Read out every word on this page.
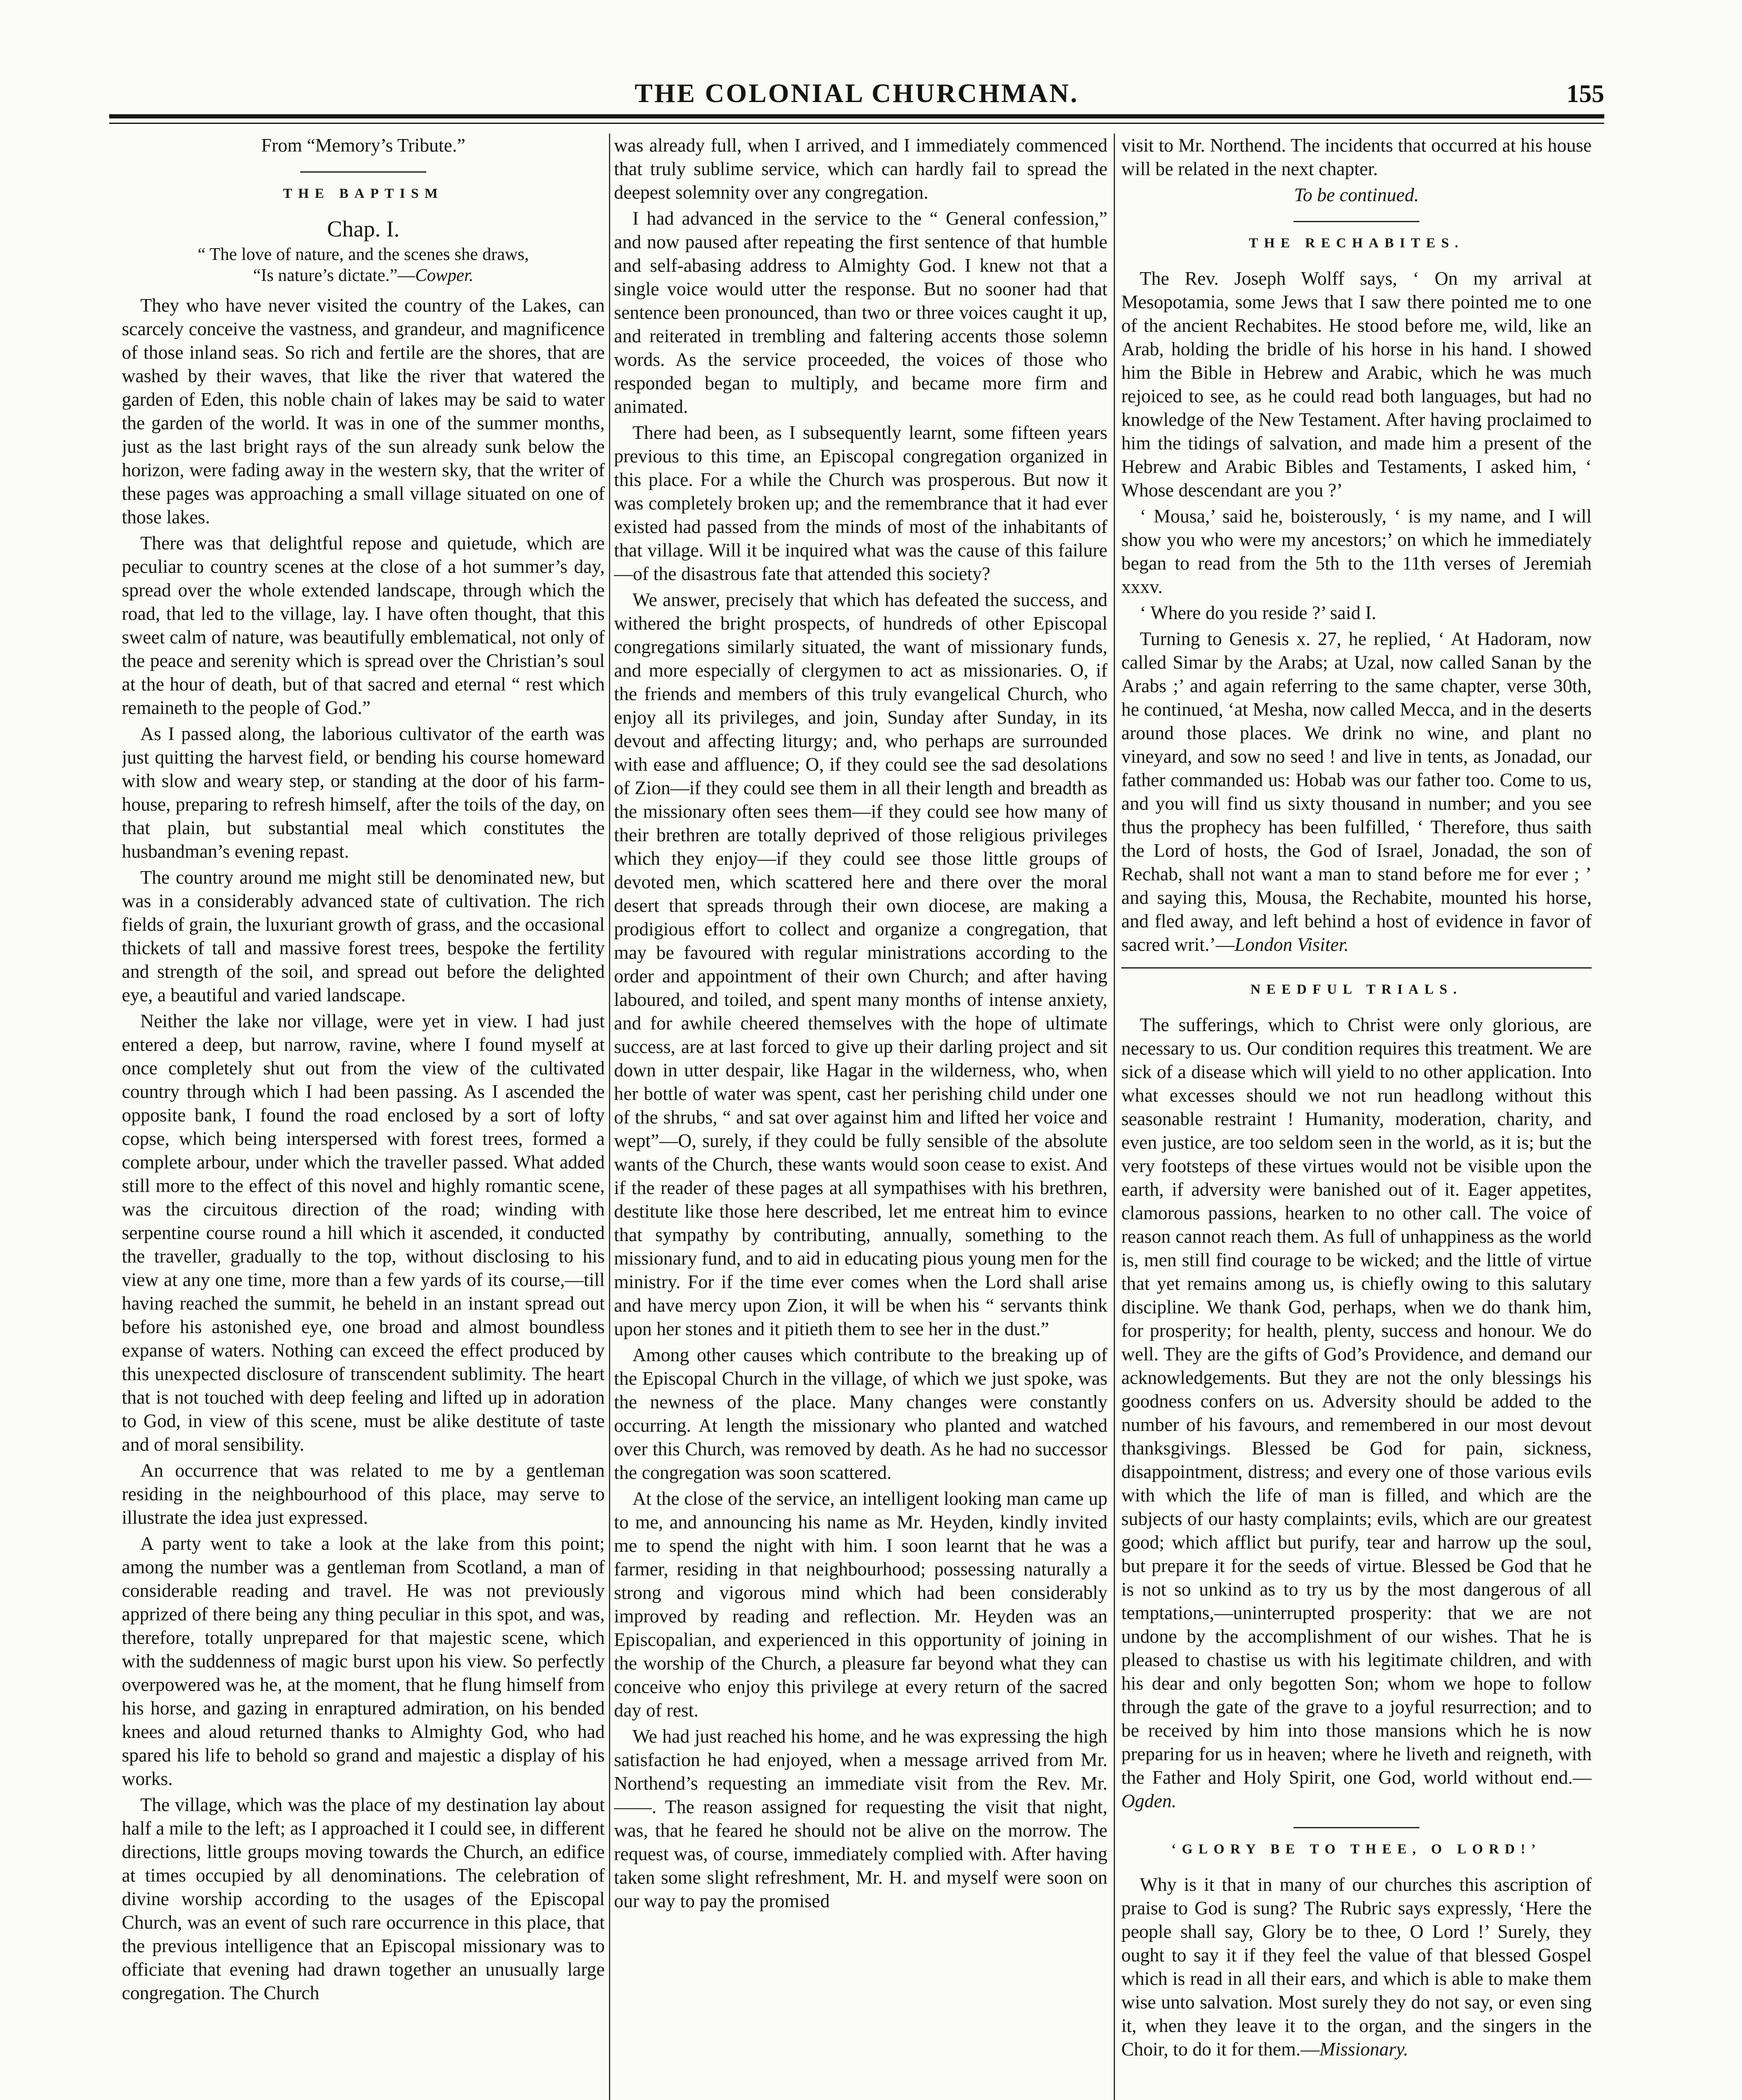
THE COLONIAL CHURCHMAN.	155

From “Memory’s Tribute.”

THE BAPTISM
Chap. I.
“ The love of nature, and the scenes she draws,
“Is nature’s dictate.”—Cowper.

They who have never visited the country of the Lakes, can scarcely conceive the vastness, and grandeur, and magnificence of those inland seas. So rich and fertile are the shores, that are washed by their waves, that like the river that watered the garden of Eden, this noble chain of lakes may be said to water the garden of the world. It was in one of the summer months, just as the last bright rays of the sun already sunk below the horizon, were fading away in the western sky, that the writer of these pages was approaching a small village situated on one of those lakes.

There was that delightful repose and quietude, which are peculiar to country scenes at the close of a hot summer’s day, spread over the whole extended landscape, through which the road, that led to the village, lay. I have often thought, that this sweet calm of nature, was beautifully emblematical, not only of the peace and serenity which is spread over the Christian’s soul at the hour of death, but of that sacred and eternal “ rest which remaineth to the people of God.”

As I passed along, the laborious cultivator of the earth was just quitting the harvest field, or bending his course homeward with slow and weary step, or standing at the door of his farm-house, preparing to refresh himself, after the toils of the day, on that plain, but substantial meal which constitutes the husbandman’s evening repast.

The country around me might still be denominated new, but was in a considerably advanced state of cultivation. The rich fields of grain, the luxuriant growth of grass, and the occasional thickets of tall and massive forest trees, bespoke the fertility and strength of the soil, and spread out before the delighted eye, a beautiful and varied landscape.

Neither the lake nor village, were yet in view. I had just entered a deep, but narrow, ravine, where I found myself at once completely shut out from the view of the cultivated country through which I had been passing. As I ascended the opposite bank, I found the road enclosed by a sort of lofty copse, which being interspersed with forest trees, formed a complete arbour, under which the traveller passed. What added still more to the effect of this novel and highly romantic scene, was the circuitous direction of the road; winding with serpentine course round a hill which it ascended, it conducted the traveller, gradually to the top, without disclosing to his view at any one time, more than a few yards of its course,—till having reached the summit, he beheld in an instant spread out before his astonished eye, one broad and almost boundless expanse of waters. Nothing can exceed the effect produced by this unexpected disclosure of transcendent sublimity. The heart that is not touched with deep feeling and lifted up in adoration to God, in view of this scene, must be alike destitute of taste and of moral sensibility.

An occurrence that was related to me by a gentleman residing in the neighbourhood of this place, may serve to illustrate the idea just expressed.

A party went to take a look at the lake from this point; among the number was a gentleman from Scotland, a man of considerable reading and travel. He was not previously apprized of there being any thing peculiar in this spot, and was, therefore, totally unprepared for that majestic scene, which with the suddenness of magic burst upon his view. So perfectly overpowered was he, at the moment, that he flung himself from his horse, and gazing in enraptured admiration, on his bended knees and aloud returned thanks to Almighty God, who had spared his life to behold so grand and majestic a display of his works.

The village, which was the place of my destination lay about half a mile to the left; as I approached it I could see, in different directions, little groups moving towards the Church, an edifice at times occupied by all denominations. The celebration of divine worship according to the usages of the Episcopal Church, was an event of such rare occurrence in this place, that the previous intelligence that an Episcopal missionary was to officiate that evening had drawn together an unusually large congregation. The Church

was already full, when I arrived, and I immediately commenced that truly sublime service, which can hardly fail to spread the deepest solemnity over any congregation.

I had advanced in the service to the “ General confession,” and now paused after repeating the first sentence of that humble and self-abasing address to Almighty God. I knew not that a single voice would utter the response. But no sooner had that sentence been pronounced, than two or three voices caught it up, and reiterated in trembling and faltering accents those solemn words. As the service proceeded, the voices of those who responded began to multiply, and became more firm and animated.

There had been, as I subsequently learnt, some fifteen years previous to this time, an Episcopal congregation organized in this place. For a while the Church was prosperous. But now it was completely broken up; and the remembrance that it had ever existed had passed from the minds of most of the inhabitants of that village. Will it be inquired what was the cause of this failure—of the disastrous fate that attended this society?

We answer, precisely that which has defeated the success, and withered the bright prospects, of hundreds of other Episcopal congregations similarly situated, the want of missionary funds, and more especially of clergymen to act as missionaries. O, if the friends and members of this truly evangelical Church, who enjoy all its privileges, and join, Sunday after Sunday, in its devout and affecting liturgy; and, who perhaps are surrounded with ease and affluence; O, if they could see the sad desolations of Zion—if they could see them in all their length and breadth as the missionary often sees them—if they could see how many of their brethren are totally deprived of those religious privileges which they enjoy—if they could see those little groups of devoted men, which scattered here and there over the moral desert that spreads through their own diocese, are making a prodigious effort to collect and organize a congregation, that may be favoured with regular ministrations according to the order and appointment of their own Church; and after having laboured, and toiled, and spent many months of intense anxiety, and for awhile cheered themselves with the hope of ultimate success, are at last forced to give up their darling project and sit down in utter despair, like Hagar in the wilderness, who, when her bottle of water was spent, cast her perishing child under one of the shrubs, “ and sat over against him and lifted her voice and wept”—O, surely, if they could be fully sensible of the absolute wants of the Church, these wants would soon cease to exist. And if the reader of these pages at all sympathises with his brethren, destitute like those here described, let me entreat him to evince that sympathy by contributing, annually, something to the missionary fund, and to aid in educating pious young men for the ministry. For if the time ever comes when the Lord shall arise and have mercy upon Zion, it will be when his “ servants think upon her stones and it pitieth them to see her in the dust.”

Among other causes which contribute to the breaking up of the Episcopal Church in the village, of which we just spoke, was the newness of the place. Many changes were constantly occurring. At length the missionary who planted and watched over this Church, was removed by death. As he had no successor the congregation was soon scattered.

At the close of the service, an intelligent looking man came up to me, and announcing his name as Mr. Heyden, kindly invited me to spend the night with him. I soon learnt that he was a farmer, residing in that neighbourhood; possessing naturally a strong and vigorous mind which had been considerably improved by reading and reflection. Mr. Heyden was an Episcopalian, and experienced in this opportunity of joining in the worship of the Church, a pleasure far beyond what they can conceive who enjoy this privilege at every return of the sacred day of rest.

We had just reached his home, and he was expressing the high satisfaction he had enjoyed, when a message arrived from Mr. Northend’s requesting an immediate visit from the Rev. Mr.——. The reason assigned for requesting the visit that night, was, that he feared he should not be alive on the morrow. The request was, of course, immediately complied with. After having taken some slight refreshment, Mr. H. and myself were soon on our way to pay the promised

visit to Mr. Northend. The incidents that occurred at his house will be related in the next chapter.

To be continued.

THE RECHABITES.

The Rev. Joseph Wolff says, ‘ On my arrival at Mesopotamia, some Jews that I saw there pointed me to one of the ancient Rechabites. He stood before me, wild, like an Arab, holding the bridle of his horse in his hand. I showed him the Bible in Hebrew and Arabic, which he was much rejoiced to see, as he could read both languages, but had no knowledge of the New Testament. After having proclaimed to him the tidings of salvation, and made him a present of the Hebrew and Arabic Bibles and Testaments, I asked him, ‘ Whose descendant are you ?’

‘ Mousa,’ said he, boisterously, ‘ is my name, and I will show you who were my ancestors;’ on which he immediately began to read from the 5th to the 11th verses of Jeremiah xxxv.

‘ Where do you reside ?’ said I.

Turning to Genesis x. 27, he replied, ‘ At Hadoram, now called Simar by the Arabs; at Uzal, now called Sanan by the Arabs ;’ and again referring to the same chapter, verse 30th, he continued, ‘at Mesha, now called Mecca, and in the deserts around those places. We drink no wine, and plant no vineyard, and sow no seed ! and live in tents, as Jonadad, our father commanded us: Hobab was our father too. Come to us, and you will find us sixty thousand in number; and you see thus the prophecy has been fulfilled, ‘ Therefore, thus saith the Lord of hosts, the God of Israel, Jonadad, the son of Rechab, shall not want a man to stand before me for ever ; ’ and saying this, Mousa, the Rechabite, mounted his horse, and fled away, and left behind a host of evidence in favor of sacred writ.’—London Visiter.

NEEDFUL TRIALS.

The sufferings, which to Christ were only glorious, are necessary to us. Our condition requires this treatment. We are sick of a disease which will yield to no other application. Into what excesses should we not run headlong without this seasonable restraint ! Humanity, moderation, charity, and even justice, are too seldom seen in the world, as it is; but the very footsteps of these virtues would not be visible upon the earth, if adversity were banished out of it. Eager appetites, clamorous passions, hearken to no other call. The voice of reason cannot reach them. As full of unhappiness as the world is, men still find courage to be wicked; and the little of virtue that yet remains among us, is chiefly owing to this salutary discipline. We thank God, perhaps, when we do thank him, for prosperity; for health, plenty, success and honour. We do well. They are the gifts of God’s Providence, and demand our acknowledgements. But they are not the only blessings his goodness confers on us. Adversity should be added to the number of his favours, and remembered in our most devout thanksgivings. Blessed be God for pain, sickness, disappointment, distress; and every one of those various evils with which the life of man is filled, and which are the subjects of our hasty complaints; evils, which are our greatest good; which afflict but purify, tear and harrow up the soul, but prepare it for the seeds of virtue. Blessed be God that he is not so unkind as to try us by the most dangerous of all temptations,—uninterrupted prosperity: that we are not undone by the accomplishment of our wishes. That he is pleased to chastise us with his legitimate children, and with his dear and only begotten Son; whom we hope to follow through the gate of the grave to a joyful resurrection; and to be received by him into those mansions which he is now preparing for us in heaven; where he liveth and reigneth, with the Father and Holy Spirit, one God, world without end.—Ogden.

‘GLORY BE TO THEE, O LORD!’

Why is it that in many of our churches this ascription of praise to God is sung? The Rubric says expressly, ‘Here the people shall say, Glory be to thee, O Lord !’ Surely, they ought to say it if they feel the value of that blessed Gospel which is read in all their ears, and which is able to make them wise unto salvation. Most surely they do not say, or even sing it, when they leave it to the organ, and the singers in the Choir, to do it for them.—Missionary.
